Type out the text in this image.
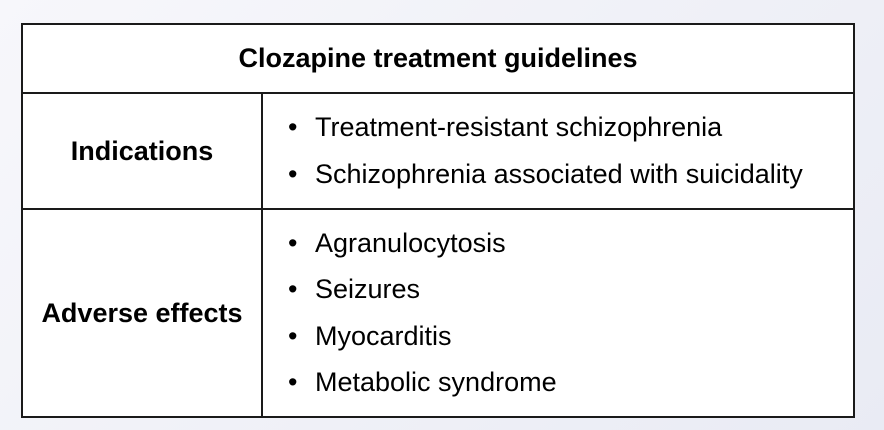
Clozapine treatment guidelines
Indications
• Treatment-resistant schizophrenia
• Schizophrenia associated with suicidality
Adverse effects
• Agranulocytosis
• Seizures
• Myocarditis
• Metabolic syndrome
